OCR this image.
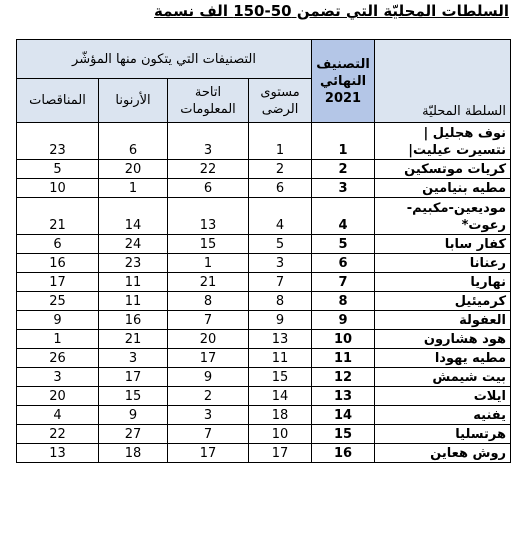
السلطات المحليّة التي تضمن 50-150 الف نسمة
السلطة المحليّة	التصنيف النهائي 2021	التصنيفات التي يتكون منها المؤشّر			
		مستوى الرضى	اتاحة المعلومات	الأرنونا	المناقصات
نوف هجليل |نتسيرت عيليت|	1	1	3	6	23
كريات موتسكين	2	2	22	20	5
مطيه بنيامين	3	6	6	1	10
موديعين-مكبيم-رعوت*	4	4	13	14	21
كفار سابا	5	5	15	24	6
رعنانا	6	3	1	23	16
نهاريا	7	7	21	11	17
كرميئيل	8	8	8	11	25
العفولة	9	9	7	16	9
هود هشارون	10	13	20	21	1
مطيه يهودا	11	11	17	3	26
بيت شيمش	12	15	9	17	3
ايلات	13	14	2	15	20
يفنيه	14	18	3	9	4
هرتسليا	15	10	7	27	22
روش هعاين	16	17	17	18	13
